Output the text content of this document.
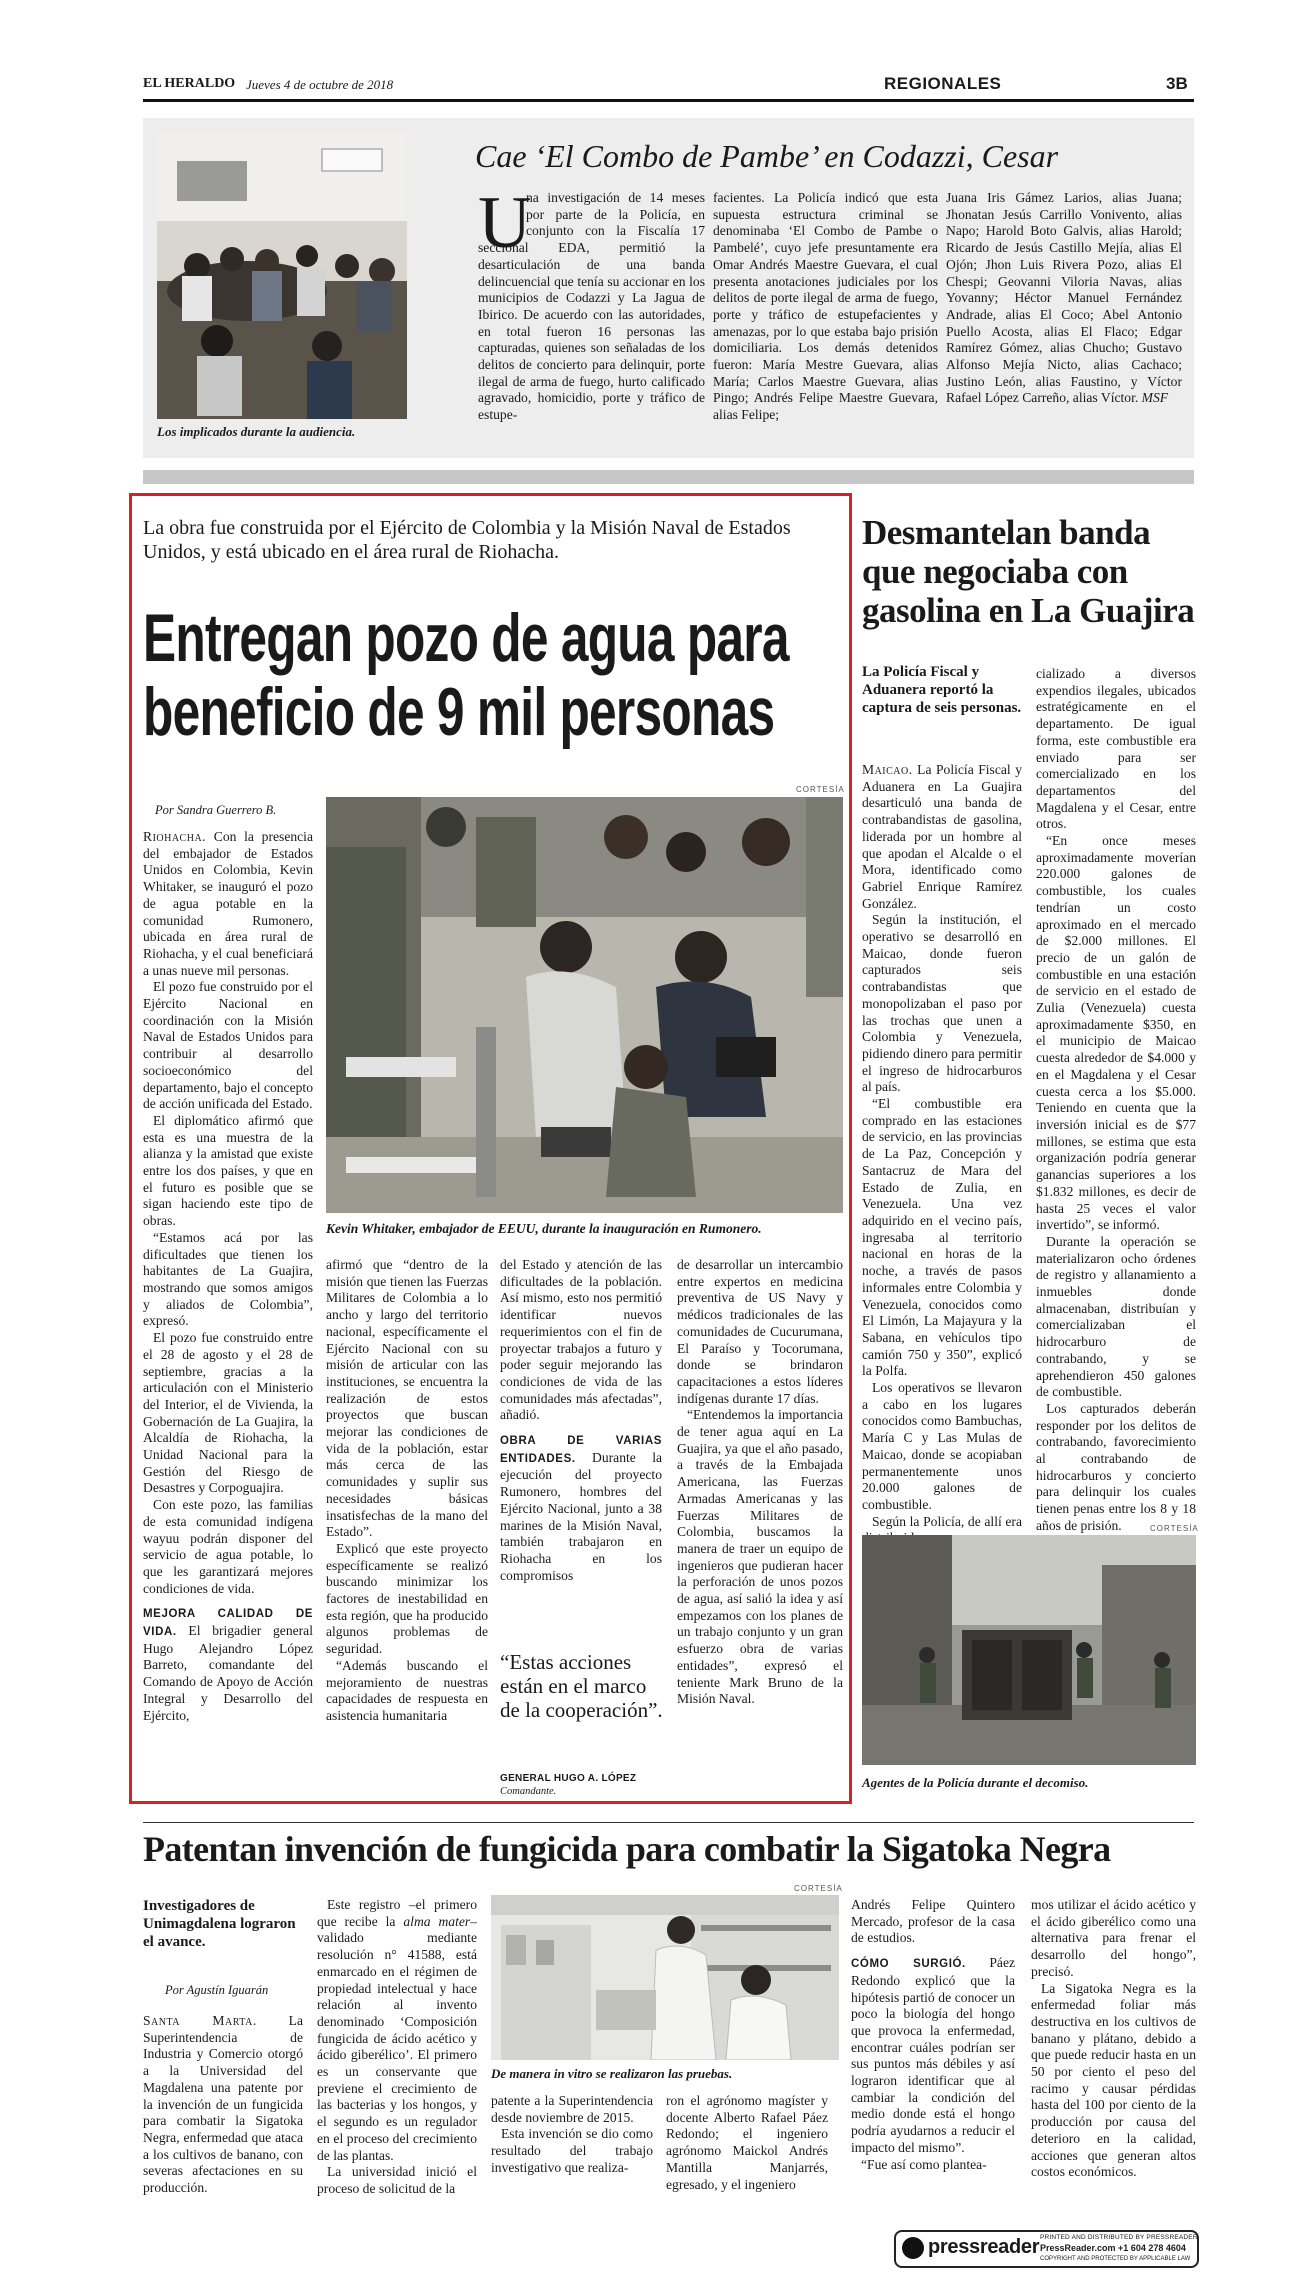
EL HERALDO Jueves 4 de octubre de 2018	REGIONALES	3B
Los implicados durante la audiencia.
Cae ‘El Combo de Pambe’ en Codazzi, Cesar
U

na investigación de 14 meses por parte de la Policía, en conjunto con la Fiscalía 17 seccional EDA, permitió la desarticulación de una banda delincuencial que tenía su accionar en los municipios de Codazzi y La Jagua de Ibirico. De acuerdo con las autoridades, en total fueron 16 personas las capturadas, quienes son señaladas de los delitos de concierto para delinquir, porte ilegal de arma de fuego, hurto calificado agravado, homicidio, porte y tráfico de estupe-

facientes. La Policía indicó que esta supuesta estructura criminal se denominaba ‘El Combo de Pambe o Pambelé’, cuyo jefe presuntamente era Omar Andrés Maestre Guevara, el cual presenta anotaciones judiciales por los delitos de porte ilegal de arma de fuego, porte y tráfico de estupefacientes y amenazas, por lo que estaba bajo prisión domiciliaria. Los demás detenidos fueron: María Mestre Guevara, alias María; Carlos Maestre Guevara, alias Pingo; Andrés Felipe Maestre Guevara, alias Felipe;

Juana Iris Gámez Larios, alias Juana; Jhonatan Jesús Carrillo Vonivento, alias Napo; Harold Boto Galvis, alias Harold; Ricardo de Jesús Castillo Mejía, alias El Ojón; Jhon Luis Rivera Pozo, alias El Chespi; Geovanni Viloria Navas, alias Yovanny; Héctor Manuel Fernández Andrade, alias El Coco; Abel Antonio Puello Acosta, alias El Flaco; Edgar Ramírez Gómez, alias Chucho; Gustavo Alfonso Mejía Nicto, alias Cachaco; Justino León, alias Faustino, y Víctor Rafael López Carreño, alias Víctor. MSF

La obra fue construida por el Ejército de Colombia y la Misión Naval de Estados Unidos, y está ubicado en el área rural de Riohacha.
Entregan pozo de agua para
beneficio de 9 mil personas
Por Sandra Guerrero B.
CORTESÍA
Kevin Whitaker, embajador de EEUU, durante la inauguración en Rumonero.

Riohacha. Con la presencia del embajador de Estados Unidos en Colombia, Kevin Whitaker, se inauguró el pozo de agua potable en la comunidad Rumonero, ubicada en área rural de Riohacha, y el cual beneficiará a unas nueve mil personas.

El pozo fue construido por el Ejército Nacional en coordinación con la Misión Naval de Estados Unidos para contribuir al desarrollo socioeconómico del departamento, bajo el concepto de acción unificada del Estado.

El diplomático afirmó que esta es una muestra de la alianza y la amistad que existe entre los dos países, y que en el futuro es posible que se sigan haciendo este tipo de obras.

“Estamos acá por las dificultades que tienen los habitantes de La Guajira, mostrando que somos amigos y aliados de Colombia”, expresó.

El pozo fue construido entre el 28 de agosto y el 28 de septiembre, gracias a la articulación con el Ministerio del Interior, el de Vivienda, la Gobernación de La Guajira, la Alcaldía de Riohacha, la Unidad Nacional para la Gestión del Riesgo de Desastres y Corpoguajira.

Con este pozo, las familias de esta comunidad indígena wayuu podrán disponer del servicio de agua potable, lo que les garantizará mejores condiciones de vida.

MEJORA CALIDAD DE VIDA. El brigadier general Hugo Alejandro López Barreto, comandante del Comando de Apoyo de Acción Integral y Desarrollo del Ejército,

afirmó que “dentro de la misión que tienen las Fuerzas Militares de Colombia a lo ancho y largo del territorio nacional, específicamente el Ejército Nacional con su misión de articular con las instituciones, se encuentra la realización de estos proyectos que buscan mejorar las condiciones de vida de la población, estar más cerca de las comunidades y suplir sus necesidades básicas insatisfechas de la mano del Estado”.

Explicó que este proyecto específicamente se realizó buscando minimizar los factores de inestabilidad en esta región, que ha producido algunos problemas de seguridad.

“Además buscando el mejoramiento de nuestras capacidades de respuesta en asistencia humanitaria

del Estado y atención de las dificultades de la población. Así mismo, esto nos permitió identificar nuevos requerimientos con el fin de proyectar trabajos a futuro y poder seguir mejorando las condiciones de vida de las comunidades más afectadas”, añadió.

OBRA DE VARIAS ENTIDADES. Durante la ejecución del proyecto Rumonero, hombres del Ejército Nacional, junto a 38 marines de la Misión Naval, también trabajaron en Riohacha en los compromisos

“Estas acciones están en el marco de la cooperación”.
GENERAL HUGO A. LÓPEZ
Comandante.

de desarrollar un intercambio entre expertos en medicina preventiva de US Navy y médicos tradicionales de las comunidades de Cucurumana, El Paraíso y Tocorumana, donde se brindaron capacitaciones a estos líderes indígenas durante 17 días.

“Entendemos la importancia de tener agua aquí en La Guajira, ya que el año pasado, a través de la Embajada Americana, las Fuerzas Armadas Americanas y las Fuerzas Militares de Colombia, buscamos la manera de traer un equipo de ingenieros que pudieran hacer la perforación de unos pozos de agua, así salió la idea y así empezamos con los planes de un trabajo conjunto y un gran esfuerzo obra de varias entidades”, expresó el teniente Mark Bruno de la Misión Naval.

Desmantelan banda que negociaba con gasolina en La Guajira
La Policía Fiscal y Aduanera reportó la captura de seis personas.

Maicao. La Policía Fiscal y Aduanera en La Guajira desarticuló una banda de contrabandistas de gasolina, liderada por un hombre al que apodan el Alcalde o el Mora, identificado como Gabriel Enrique Ramírez González.

Según la institución, el operativo se desarrolló en Maicao, donde fueron capturados seis contrabandistas que monopolizaban el paso por las trochas que unen a Colombia y Venezuela, pidiendo dinero para permitir el ingreso de hidrocarburos al país.

“El combustible era comprado en las estaciones de servicio, en las provincias de La Paz, Concepción y Santacruz de Mara del Estado de Zulia, en Venezuela. Una vez adquirido en el vecino país, ingresaba al territorio nacional en horas de la noche, a través de pasos informales entre Colombia y Venezuela, conocidos como El Limón, La Majayura y la Sabana, en vehículos tipo camión 750 y 350”, explicó la Polfa.

Los operativos se llevaron a cabo en los lugares conocidos como Bambuchas, María C y Las Mulas de Maicao, donde se acopiaban permanentemente unos 20.000 galones de combustible.

Según la Policía, de allí era

cializado a diversos expendios ilegales, ubicados estratégicamente en el departamento. De igual forma, este combustible era enviado para ser comercializado en los departamentos del Magdalena y el Cesar, entre otros.

“En once meses aproximadamente moverían 220.000 galones de combustible, los cuales tendrían un costo aproximado en el mercado de $2.000 millones. El precio de un galón de combustible en una estación de servicio en el estado de Zulia (Venezuela) cuesta aproximadamente $350, en el municipio de Maicao cuesta alrededor de $4.000 y en el Magdalena y el Cesar cuesta cerca a los $5.000. Teniendo en cuenta que la inversión inicial es de $77 millones, se estima que esta organización podría generar ganancias superiores a los $1.832 millones, es decir de hasta 25 veces el valor invertido”, se informó.

Durante la operación se materializaron ocho órdenes de registro y allanamiento a inmuebles donde almacenaban, distribuían y comercializaban el hidrocarburo de contrabando, y se aprehendieron 450 galones de combustible.

Los capturados deberán responder por los delitos de contrabando, favorecimiento al contrabando de hidrocarburos y concierto para delinquir los cuales tienen penas entre los 8 y 18 años de prisión.	CORTESÍA
Agentes de la Policía durante el decomiso.
Patentan invención de fungicida para combatir la Sigatoka Negra
Investigadores de Unimagdalena lograron el avance.
Por Agustín Iguarán

Santa Marta. La Superintendencia de Industria y Comercio otorgó a la Universidad del Magdalena una patente por la invención de un fungicida para combatir la Sigatoka Negra, enfermedad que ataca a los cultivos de banano, con severas afectaciones en su producción.

Este registro –el primero que recibe la alma mater– validado mediante resolución n° 41588, está enmarcado en el régimen de propiedad intelectual y hace relación al invento denominado ‘Composición fungicida de ácido acético y ácido giberélico’. El primero es un conservante que previene el crecimiento de las bacterias y los hongos, y el segundo es un regulador en el proceso del crecimiento de las plantas.

La universidad inició el proceso de solicitud de la

CORTESÍA
De manera in vitro se realizaron las pruebas.

patente a la Superintendencia desde noviembre de 2015.

Esta invención se dio como resultado del trabajo investigativo que realiza-

ron el agrónomo magíster y docente Alberto Rafael Páez Redondo; el ingeniero agrónomo Maickol Andrés Mantilla Manjarrés, egresado, y el ingeniero

Andrés Felipe Quintero Mercado, profesor de la casa de estudios.

CÓMO SURGIÓ. Páez Redondo explicó que la hipótesis partió de conocer un poco la biología del hongo que provoca la enfermedad, encontrar cuáles podrían ser sus puntos más débiles y así lograron identificar que al cambiar la condición del medio donde está el hongo podría ayudarnos a reducir el impacto del mismo”.

“Fue así como plantea-

mos utilizar el ácido acético y el ácido giberélico como una alternativa para frenar el desarrollo del hongo”, precisó.

La Sigatoka Negra es la enfermedad foliar más destructiva en los cultivos de banano y plátano, debido a que puede reducir hasta en un 50 por ciento el peso del racimo y causar pérdidas hasta del 100 por ciento de la producción por causa del deterioro en la calidad, acciones que generan altos costos económicos.

pressreader PRINTED AND DISTRIBUTED BY PRESSREADER
PressReader.com +1 604 278 4604
COPYRIGHT AND PROTECTED BY APPLICABLE LAW
